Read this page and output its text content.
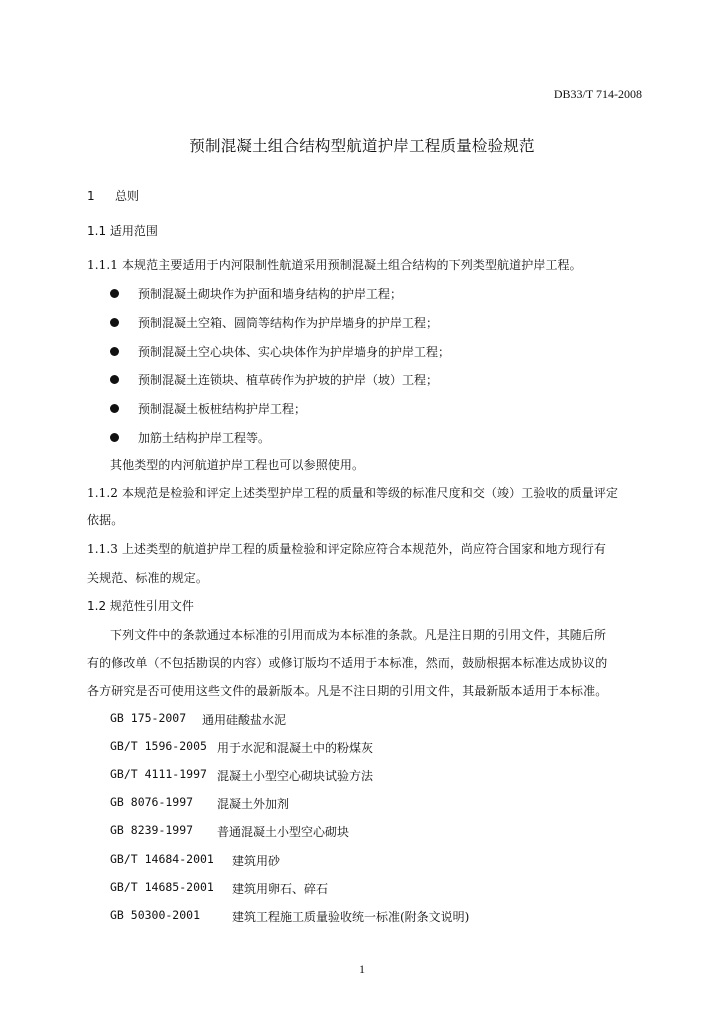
DB33/T 714-2008
预制混凝土组合结构型航道护岸工程质量检验规范
1 总则
1.1 适用范围
1.1.1 本规范主要适用于内河限制性航道采用预制混凝土组合结构的下列类型航道护岸工程。
预制混凝土砌块作为护面和墙身结构的护岸工程；
预制混凝土空箱、圆筒等结构作为护岸墙身的护岸工程；
预制混凝土空心块体、实心块体作为护岸墙身的护岸工程；
预制混凝土连锁块、植草砖作为护坡的护岸（坡）工程；
预制混凝土板桩结构护岸工程；
加筋土结构护岸工程等。
其他类型的内河航道护岸工程也可以参照使用。
1.1.2 本规范是检验和评定上述类型护岸工程的质量和等级的标准尺度和交（竣）工验收的质量评定
依据。
1.1.3 上述类型的航道护岸工程的质量检验和评定除应符合本规范外，尚应符合国家和地方现行有
关规范、标准的规定。
1.2 规范性引用文件
下列文件中的条款通过本标准的引用而成为本标准的条款。凡是注日期的引用文件，其随后所
有的修改单（不包括勘误的内容）或修订版均不适用于本标准，然而，鼓励根据本标准达成协议的
各方研究是否可使用这些文件的最新版本。凡是不注日期的引用文件，其最新版本适用于本标准。
GB 175-2007 通用硅酸盐水泥
GB/T 1596-2005 用于水泥和混凝土中的粉煤灰
GB/T 4111-1997 混凝土小型空心砌块试验方法
GB 8076-1997 混凝土外加剂
GB 8239-1997 普通混凝土小型空心砌块
GB/T 14684-2001 建筑用砂
GB/T 14685-2001 建筑用卵石、碎石
GB 50300-2001	建筑工程施工质量验收统一标准(附条文说明)
1
